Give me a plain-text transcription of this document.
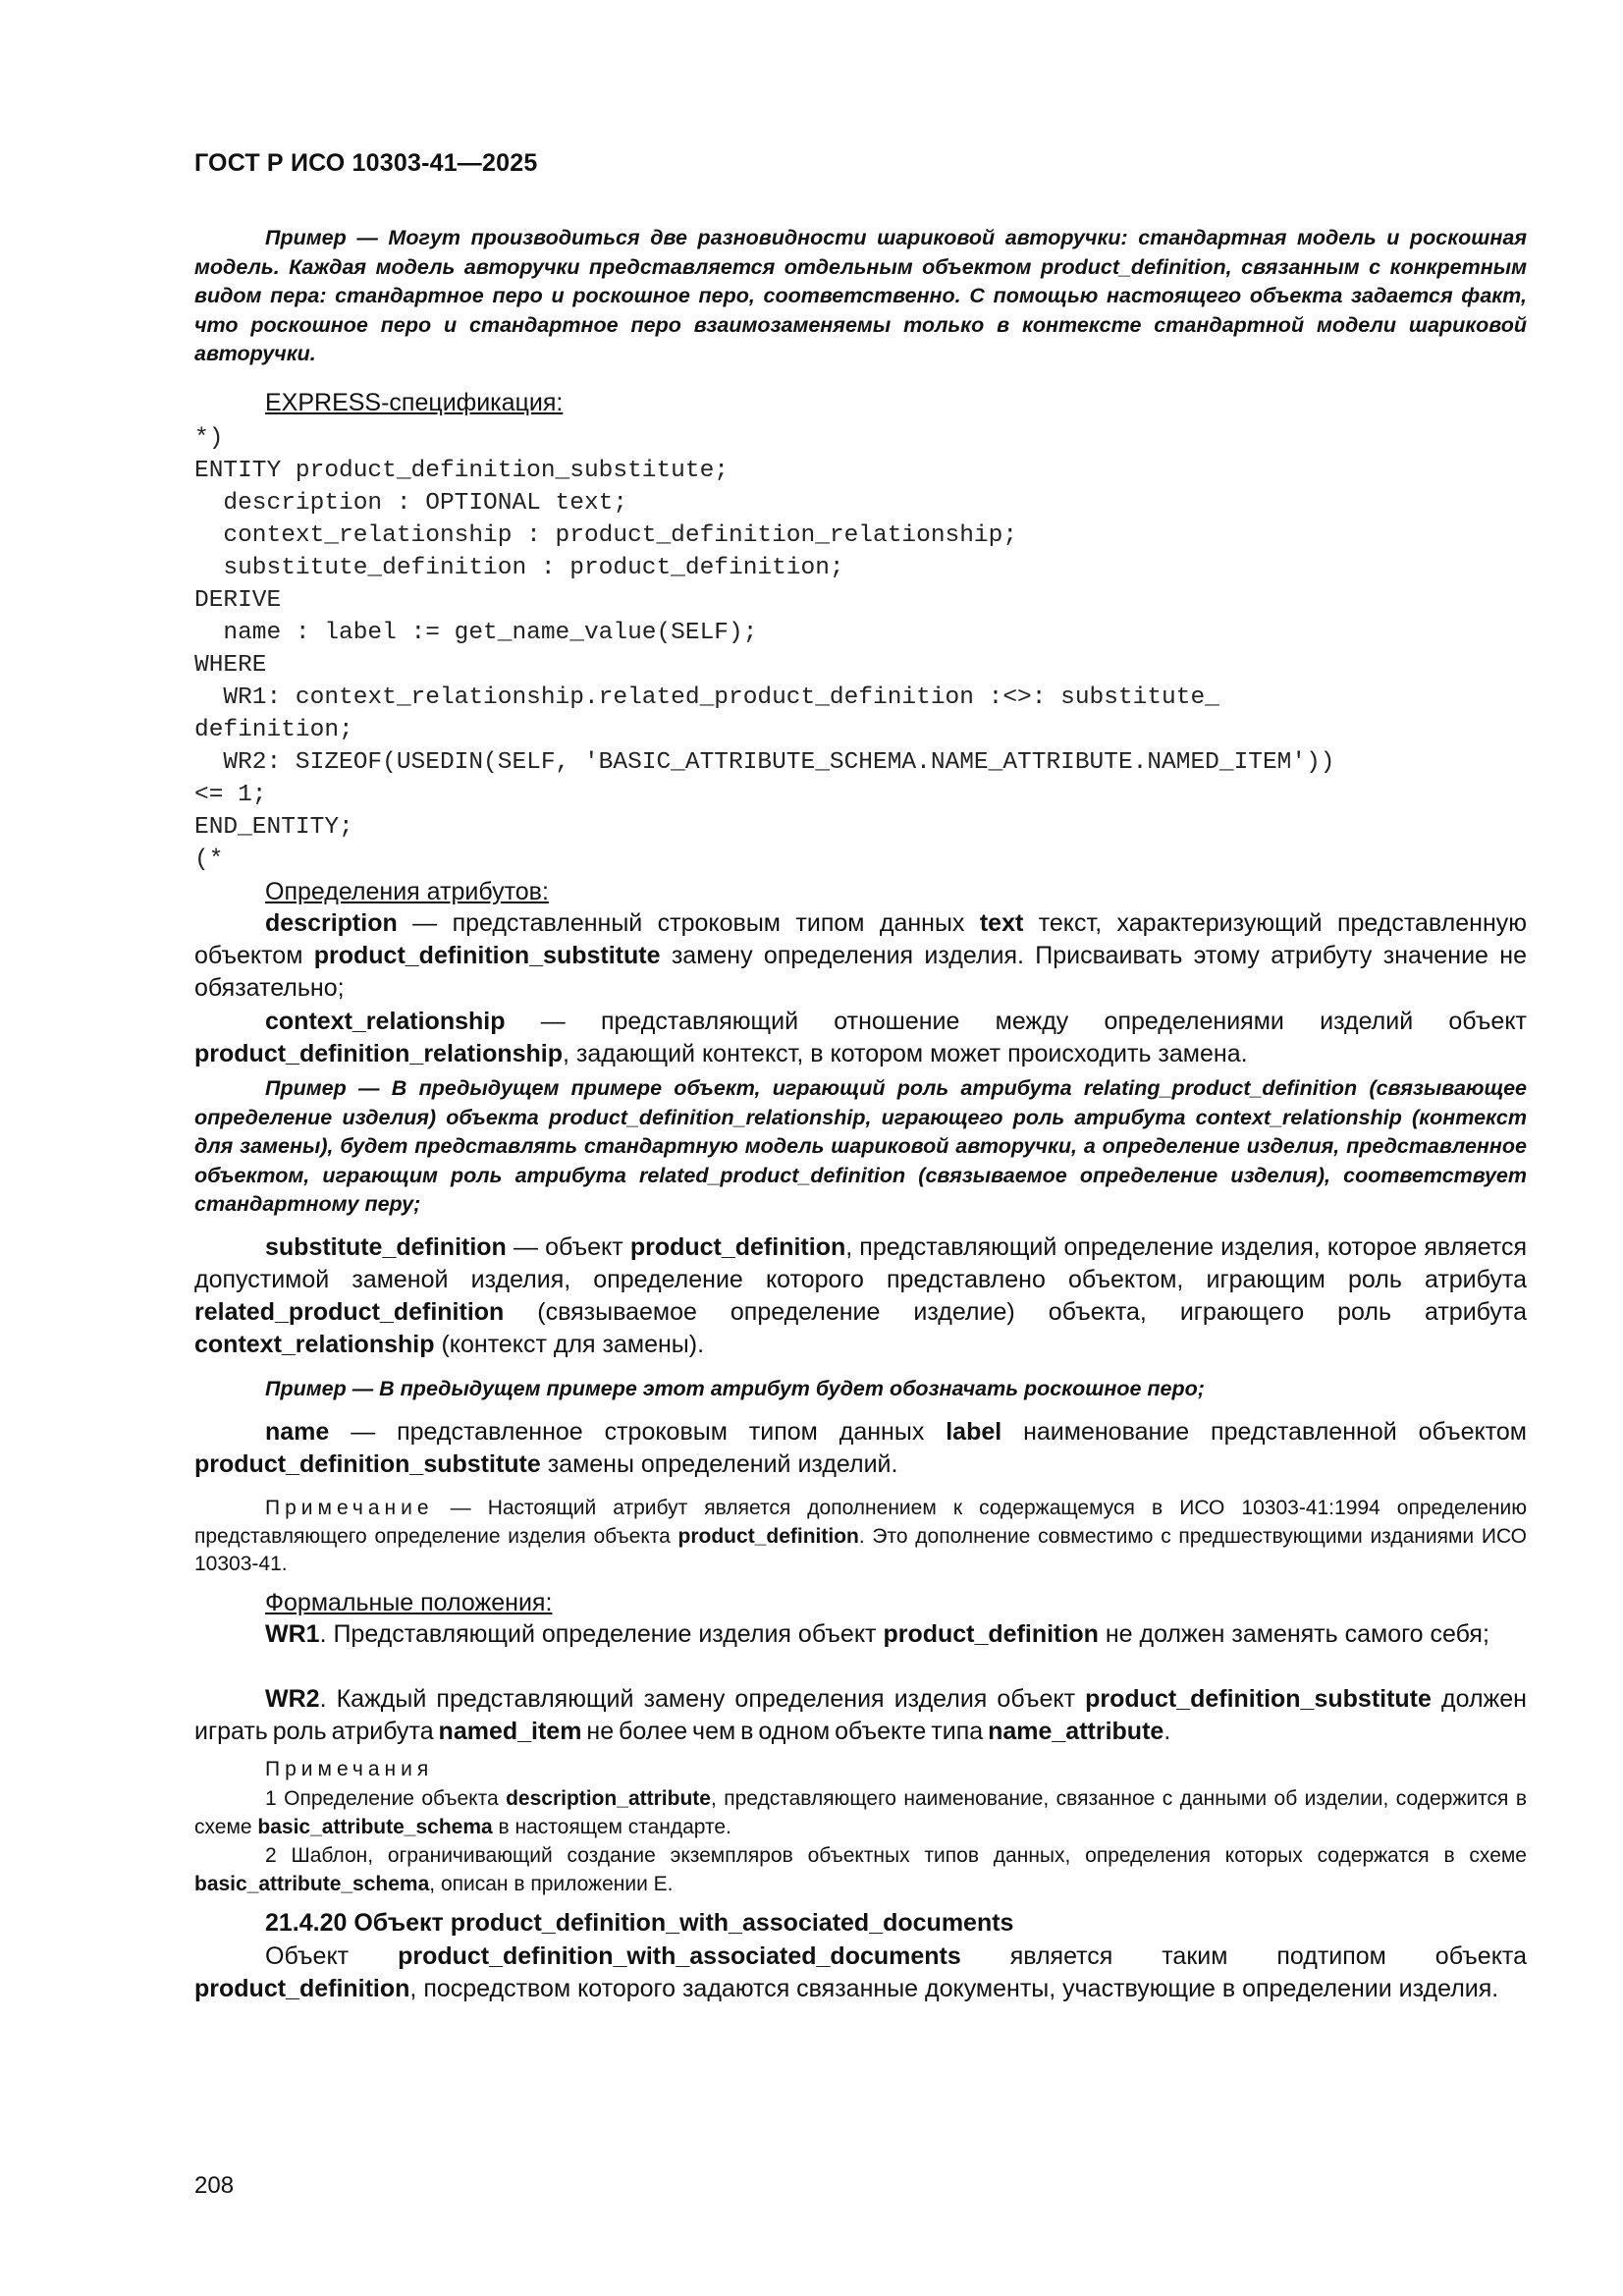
ГОСТ Р ИСО 10303-41—2025

Пример — Могут производиться две разновидности шариковой авторучки: стандартная модель и роскошная модель. Каждая модель авторучки представляется отдельным объектом product_definition, связанным с конкретным видом пера: стандартное перо и роскошное перо, соответственно. С помощью настоящего объекта задается факт, что роскошное перо и стандартное перо взаимозаменяемы только в контексте стандартной модели шариковой авторучки.

EXPRESS-спецификация:

*)
ENTITY product_definition_substitute;
description : OPTIONAL text;
context_relationship : product_definition_relationship;
substitute_definition : product_definition;
DERIVE
name : label := get_name_value(SELF);
WHERE
WR1: context_relationship.related_product_definition :<>: substitute_
definition;
WR2: SIZEOF(USEDIN(SELF, 'BASIC_ATTRIBUTE_SCHEMA.NAME_ATTRIBUTE.NAMED_ITEM'))
<= 1;
END_ENTITY;
(*

Определения атрибутов:

description — представленный строковым типом данных text текст, характеризующий представленную объектом product_definition_substitute замену определения изделия. Присваивать этому атрибуту значение не обязательно;

context_relationship — представляющий отношение между определениями изделий объект product_definition_relationship, задающий контекст, в котором может происходить замена.

Пример — В предыдущем примере объект, играющий роль атрибута relating_product_definition (связывающее определение изделия) объекта product_definition_relationship, играющего роль атрибута context_relationship (контекст для замены), будет представлять стандартную модель шариковой авторучки, а определение изделия, представленное объектом, играющим роль атрибута related_product_definition (связываемое определение изделия), соответствует стандартному перу;

substitute_definition — объект product_definition, представляющий определение изделия, которое является допустимой заменой изделия, определение которого представлено объектом, играющим роль атрибута related_product_definition (связываемое определение изделие) объекта, играющего роль атрибута context_relationship (контекст для замены).

Пример — В предыдущем примере этот атрибут будет обозначать роскошное перо;

name — представленное строковым типом данных label наименование представленной объектом product_definition_substitute замены определений изделий.

Примечание — Настоящий атрибут является дополнением к содержащемуся в ИСО 10303-41:1994 определению представляющего определение изделия объекта product_definition. Это дополнение совместимо с предшествующими изданиями ИСО 10303-41.

Формальные положения:

WR1. Представляющий определение изделия объект product_definition не должен заменять самого себя;

WR2. Каждый представляющий замену определения изделия объект product_definition_substitute должен играть роль атрибута named_item не более чем в одном объекте типа name_attribute.

Примечания

1 Определение объекта description_attribute, представляющего наименование, связанное с данными об изделии, содержится в схеме basic_attribute_schema в настоящем стандарте.

2 Шаблон, ограничивающий создание экземпляров объектных типов данных, определения которых содержатся в схеме basic_attribute_schema, описан в приложении E.

21.4.20 Объект product_definition_with_associated_documents

Объект product_definition_with_associated_documents является таким подтипом объекта product_definition, посредством которого задаются связанные документы, участвующие в определении изделия.

208
